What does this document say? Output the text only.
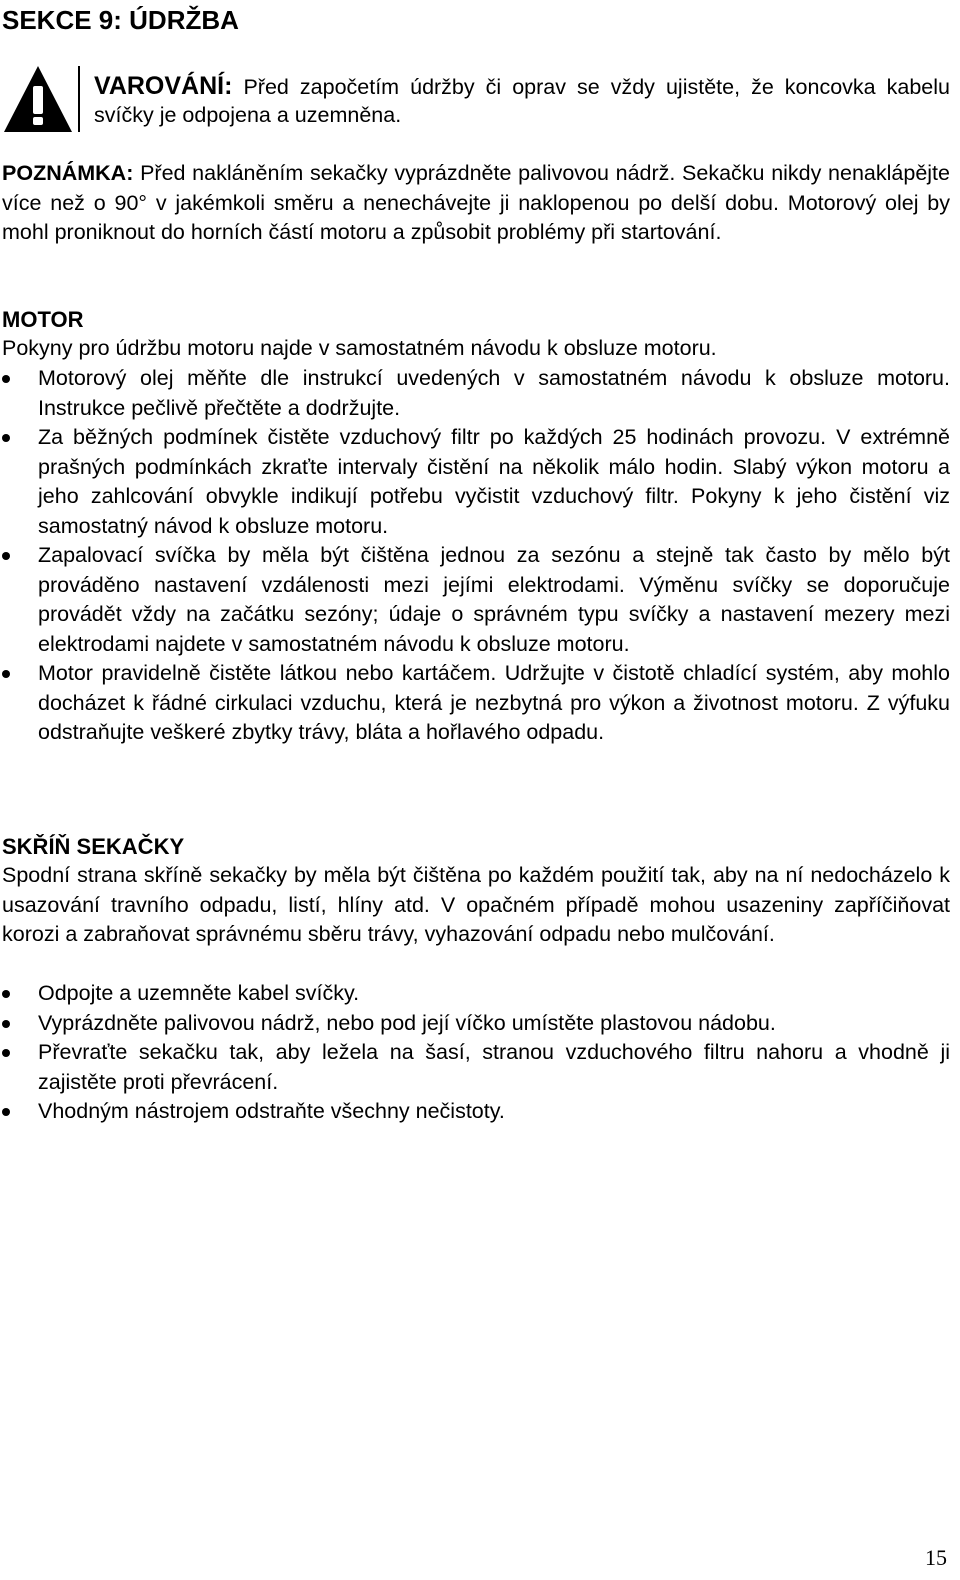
SEKCE 9: ÚDRŽBA
VAROVÁNÍ: Před započetím údržby či oprav se vždy ujistěte, že koncovka kabelu svíčky je odpojena a uzemněna.
POZNÁMKA: Před nakláněním sekačky vyprázdněte palivovou nádrž. Sekačku nikdy nenaklápějte více než o 90° v jakémkoli směru a nenechávejte ji naklopenou po delší dobu. Motorový olej by mohl proniknout do horních částí motoru a způsobit problémy při startování.
MOTOR
Pokyny pro údržbu motoru najde v samostatném návodu k obsluze motoru.
Motorový olej měňte dle instrukcí uvedených v samostatném návodu k obsluze motoru. Instrukce pečlivě přečtěte a dodržujte.
Za běžných podmínek čistěte vzduchový filtr po každých 25 hodinách provozu. V extrémně prašných podmínkách zkraťte intervaly čistění na několik málo hodin. Slabý výkon motoru a jeho zahlcování obvykle indikují potřebu vyčistit vzduchový filtr. Pokyny k jeho čistění viz samostatný návod k obsluze motoru.
Zapalovací svíčka by měla být čištěna jednou za sezónu a stejně tak často by mělo být prováděno nastavení vzdálenosti mezi jejími elektrodami. Výměnu svíčky se doporučuje provádět vždy na začátku sezóny; údaje o správném typu svíčky a nastavení mezery mezi elektrodami najdete v samostatném návodu k obsluze motoru.
Motor pravidelně čistěte látkou nebo kartáčem. Udržujte v čistotě chladící systém, aby mohlo docházet k řádné cirkulaci vzduchu, která je nezbytná pro výkon a životnost motoru. Z výfuku odstraňujte veškeré zbytky trávy, bláta a hořlavého odpadu.
SKŘÍŇ SEKAČKY
Spodní strana skříně sekačky by měla být čištěna po každém použití tak, aby na ní nedocházelo k usazování travního odpadu, listí, hlíny atd. V opačném případě mohou usazeniny zapříčiňovat korozi a zabraňovat správnému sběru trávy, vyhazování odpadu nebo mulčování.
Odpojte a uzemněte kabel svíčky.
Vyprázdněte palivovou nádrž, nebo pod její víčko umístěte plastovou nádobu.
Převraťte sekačku tak, aby ležela na šasí, stranou vzduchového filtru nahoru a vhodně ji zajistěte proti převrácení.
Vhodným nástrojem odstraňte všechny nečistoty.
15
